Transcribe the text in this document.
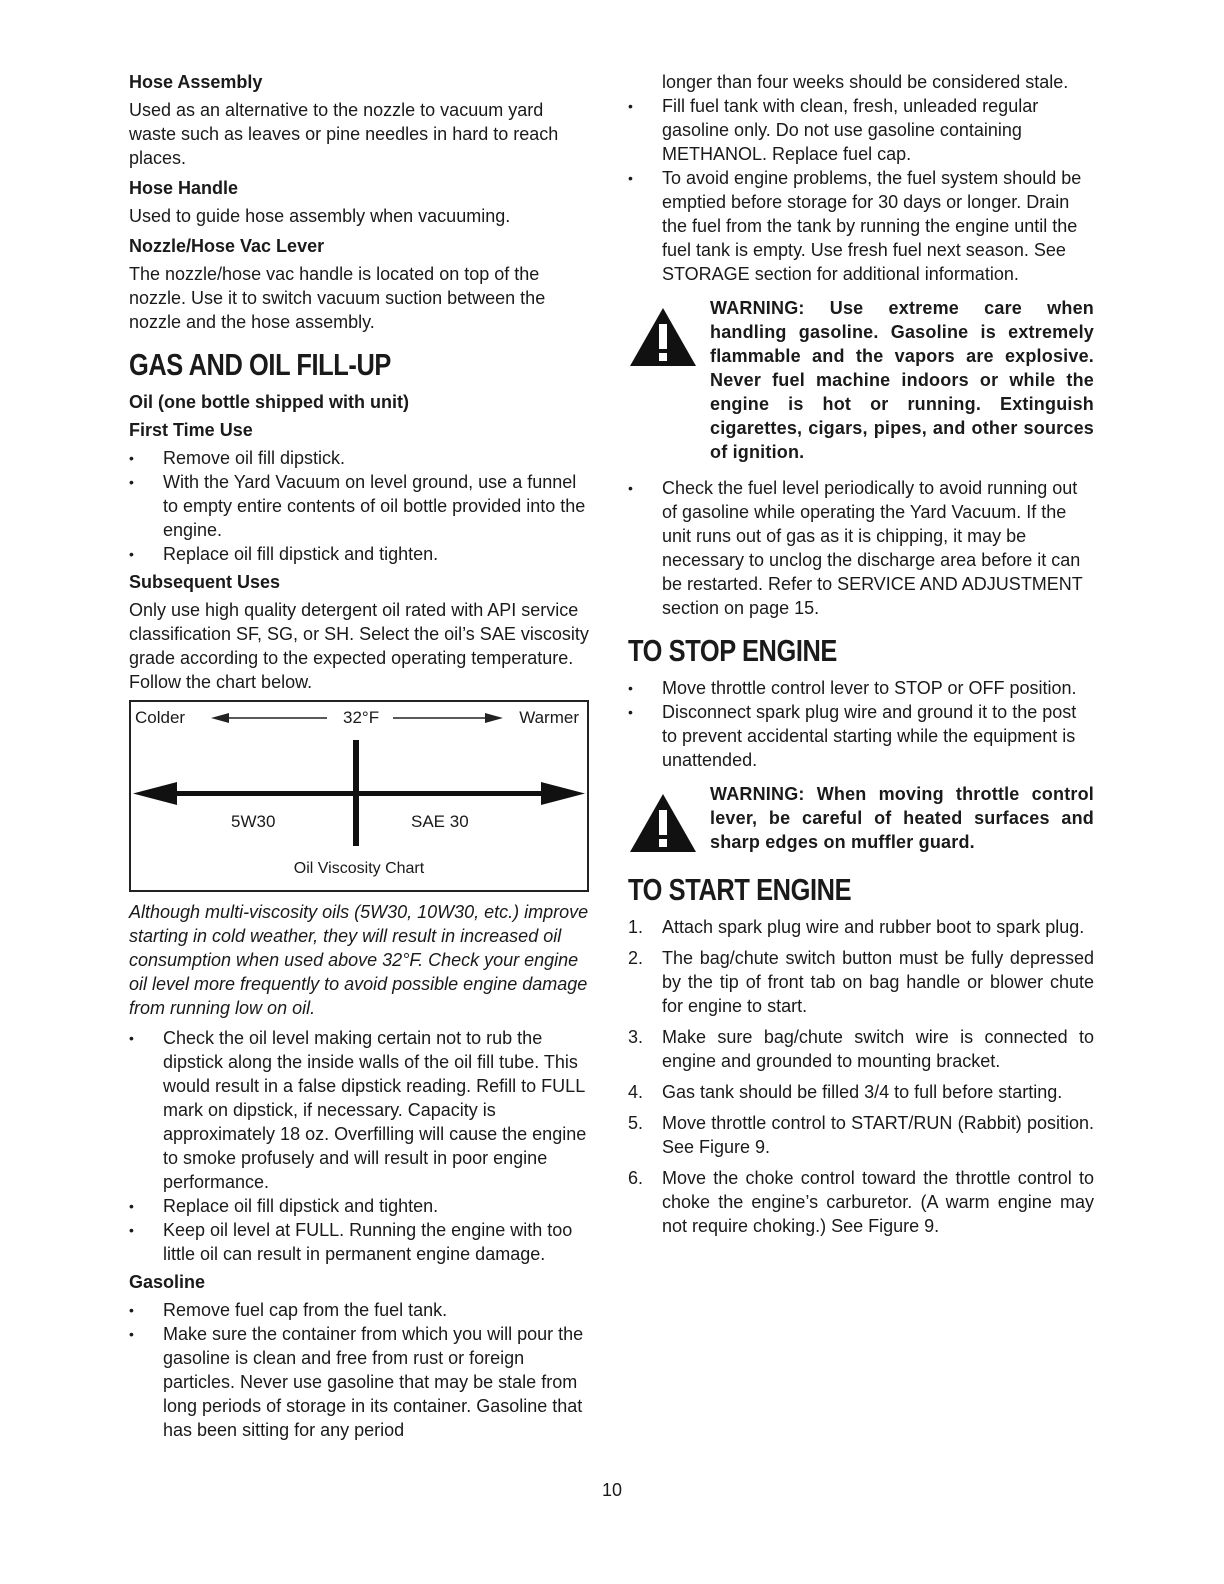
Hose Assembly

Used as an alternative to the nozzle to vacuum yard waste such as leaves or pine needles in hard to reach places.

Hose Handle

Used to guide hose assembly when vacuuming.

Nozzle/Hose Vac Lever

The nozzle/hose vac handle is located on top of the nozzle. Use it to switch vacuum suction between the nozzle and the hose assembly.

GAS AND OIL FILL-UP
Oil (one bottle shipped with unit)
First Time Use
• Remove oil fill dipstick.
• With the Yard Vacuum on level ground, use a funnel to empty entire contents of oil bottle provided into the engine.
• Replace oil fill dipstick and tighten.
Subsequent Uses

Only use high quality detergent oil rated with API service classification SF, SG, or SH. Select the oil’s SAE viscosity grade according to the expected operating temperature. Follow the chart below.

Colder	32°F	Warmer
5W30	SAE 30
Oil Viscosity Chart

Although multi-viscosity oils (5W30, 10W30, etc.) improve starting in cold weather, they will result in increased oil consumption when used above 32°F. Check your engine oil level more frequently to avoid possible engine damage from running low on oil.

• Check the oil level making certain not to rub the dipstick along the inside walls of the oil fill tube. This would result in a false dipstick reading. Refill to FULL mark on dipstick, if necessary. Capacity is approximately 18 oz. Overfilling will cause the engine to smoke profusely and will result in poor engine performance.
• Replace oil fill dipstick and tighten.
• Keep oil level at FULL. Running the engine with too little oil can result in permanent engine damage.
Gasoline
• Remove fuel cap from the fuel tank.
• Make sure the container from which you will pour the gasoline is clean and free from rust or foreign particles. Never use gasoline that may be stale from long periods of storage in its container. Gasoline that has been sitting for any period

longer than four weeks should be considered stale.

• Fill fuel tank with clean, fresh, unleaded regular gasoline only. Do not use gasoline containing METHANOL. Replace fuel cap.
• To avoid engine problems, the fuel system should be emptied before storage for 30 days or longer. Drain the fuel from the tank by running the engine until the fuel tank is empty. Use fresh fuel next season. See STORAGE section for additional information.
WARNING: Use extreme care when handling gasoline. Gasoline is extremely flammable and the vapors are explosive. Never fuel machine indoors or while the engine is hot or running. Extinguish cigarettes, cigars, pipes, and other sources of ignition.
• Check the fuel level periodically to avoid running out of gasoline while operating the Yard Vacuum. If the unit runs out of gas as it is chipping, it may be necessary to unclog the discharge area before it can be restarted. Refer to SERVICE AND ADJUSTMENT section on page 15.
TO STOP ENGINE
• Move throttle control lever to STOP or OFF position.
• Disconnect spark plug wire and ground it to the post to prevent accidental starting while the equipment is unattended.
WARNING: When moving throttle control lever, be careful of heated surfaces and sharp edges on muffler guard.
TO START ENGINE
1. Attach spark plug wire and rubber boot to spark plug.
2. The bag/chute switch button must be fully depressed by the tip of front tab on bag handle or blower chute for engine to start.
3. Make sure bag/chute switch wire is connected to engine and grounded to mounting bracket.
4. Gas tank should be filled 3/4 to full before starting.
5. Move throttle control to START/RUN (Rabbit) position. See Figure 9.
6. Move the choke control toward the throttle control to choke the engine’s carburetor. (A warm engine may not require choking.) See Figure 9.
10
